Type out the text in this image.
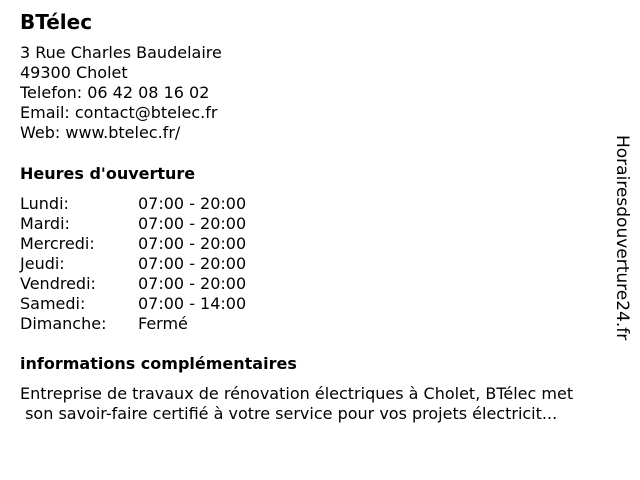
BTélec
3 Rue Charles Baudelaire
49300 Cholet
Telefon: 06 42 08 16 02
Email: contact@btelec.fr
Web: www.btelec.fr/
Heures d'ouverture
Lundi:	07:00 - 20:00
Mardi:	07:00 - 20:00
Mercredi:	07:00 - 20:00
Jeudi:	07:00 - 20:00
Vendredi:	07:00 - 20:00
Samedi:	07:00 - 14:00
Dimanche:	Fermé
informations complémentaires
Entreprise de travaux de rénovation électriques à Cholet, BTélec met
son savoir-faire certifié à votre service pour vos projets électricit...
Horairesdouverture24.fr
